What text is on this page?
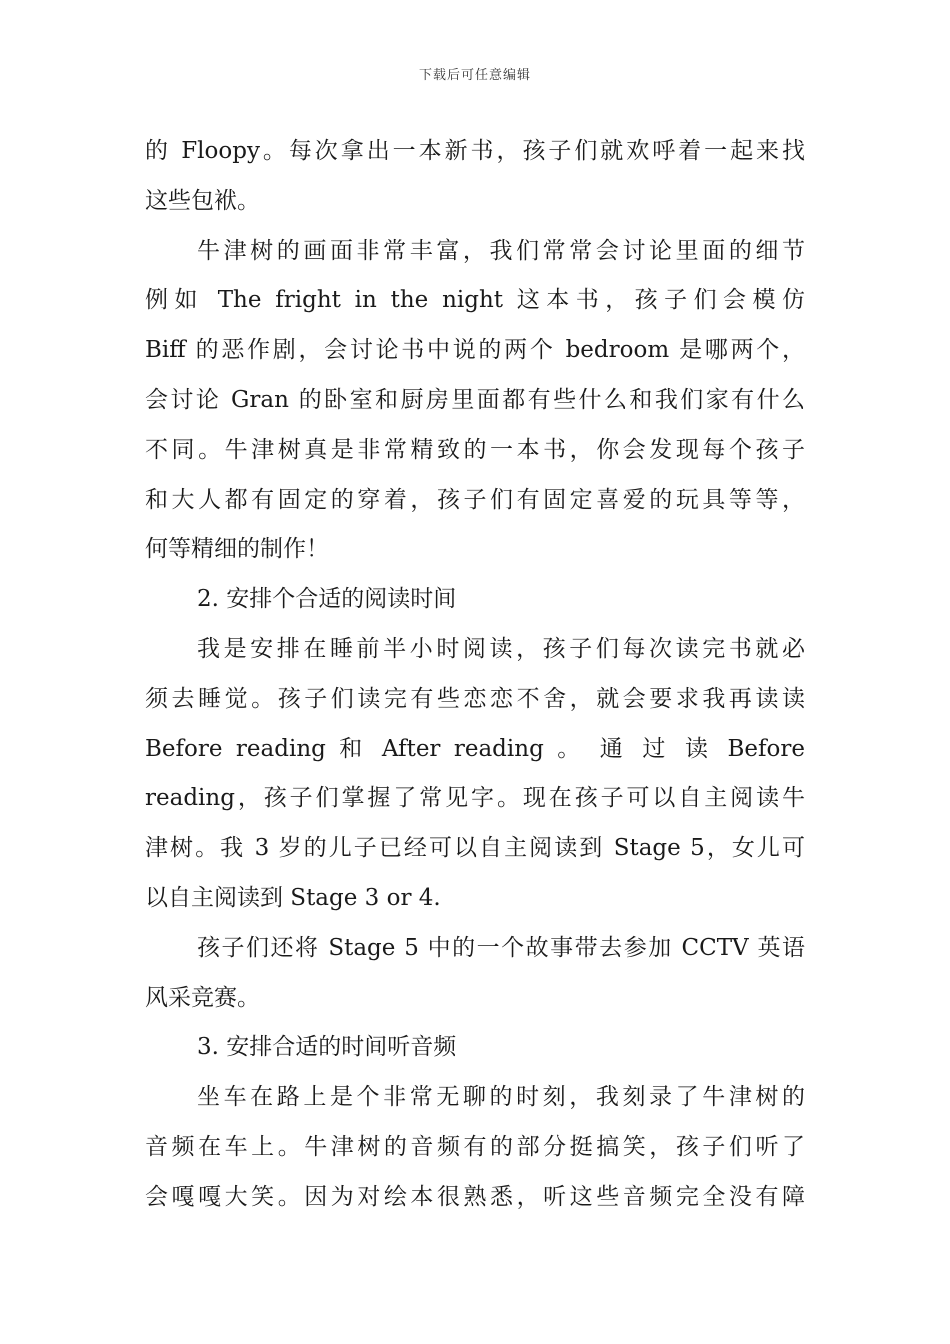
下载后可任意编辑
的 Floopy。每次拿出一本新书，孩子们就欢呼着一起来找
这些包袱。
牛津树的画面非常丰富，我们常常会讨论里面的细节
例如 The fright in the night 这本书，孩子们会模仿
Biff 的恶作剧，会讨论书中说的两个 bedroom 是哪两个，
会讨论 Gran 的卧室和厨房里面都有些什么和我们家有什么
不同。牛津树真是非常精致的一本书，你会发现每个孩子
和大人都有固定的穿着，孩子们有固定喜爱的玩具等等，
何等精细的制作！
2. 安排个合适的阅读时间
我是安排在睡前半小时阅读，孩子们每次读完书就必
须去睡觉。孩子们读完有些恋恋不舍，就会要求我再读读
Before reading 和 After reading 。 通 过 读 Before
reading，孩子们掌握了常见字。现在孩子可以自主阅读牛
津树。我 3 岁的儿子已经可以自主阅读到 Stage 5，女儿可
以自主阅读到 Stage 3 or 4.
孩子们还将 Stage 5 中的一个故事带去参加 CCTV 英语
风采竞赛。
3. 安排合适的时间听音频
坐车在路上是个非常无聊的时刻，我刻录了牛津树的
音频在车上。牛津树的音频有的部分挺搞笑，孩子们听了
会嘎嘎大笑。因为对绘本很熟悉，听这些音频完全没有障
